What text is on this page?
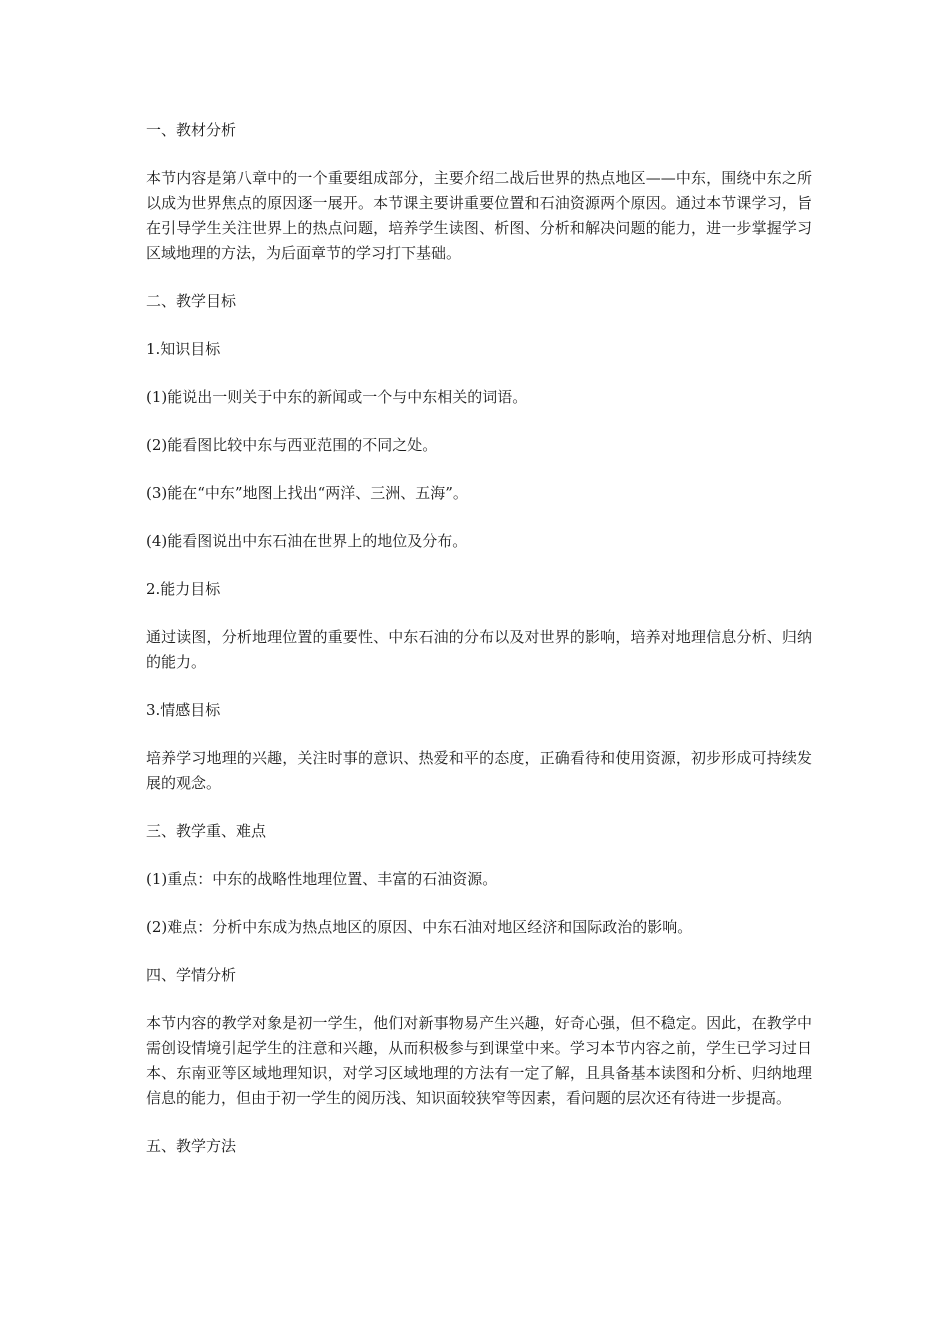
一、教材分析

本节内容是第八章中的一个重要组成部分，主要介绍二战后世界的热点地区——中东，围绕中东之所以成为世界焦点的原因逐一展开。本节课主要讲重要位置和石油资源两个原因。通过本节课学习，旨在引导学生关注世界上的热点问题，培养学生读图、析图、分析和解决问题的能力，进一步掌握学习区域地理的方法，为后面章节的学习打下基础。

二、教学目标

1.知识目标

(1)能说出一则关于中东的新闻或一个与中东相关的词语。

(2)能看图比较中东与西亚范围的不同之处。

(3)能在“中东”地图上找出“两洋、三洲、五海”。

(4)能看图说出中东石油在世界上的地位及分布。

2.能力目标

通过读图，分析地理位置的重要性、中东石油的分布以及对世界的影响，培养对地理信息分析、归纳的能力。

3.情感目标

培养学习地理的兴趣，关注时事的意识、热爱和平的态度，正确看待和使用资源，初步形成可持续发展的观念。

三、教学重、难点

(1)重点：中东的战略性地理位置、丰富的石油资源。

(2)难点：分析中东成为热点地区的原因、中东石油对地区经济和国际政治的影响。

四、学情分析

本节内容的教学对象是初一学生，他们对新事物易产生兴趣，好奇心强，但不稳定。因此，在教学中需创设情境引起学生的注意和兴趣，从而积极参与到课堂中来。学习本节内容之前，学生已学习过日本、东南亚等区域地理知识，对学习区域地理的方法有一定了解，且具备基本读图和分析、归纳地理信息的能力，但由于初一学生的阅历浅、知识面较狭窄等因素，看问题的层次还有待进一步提高。

五、教学方法
